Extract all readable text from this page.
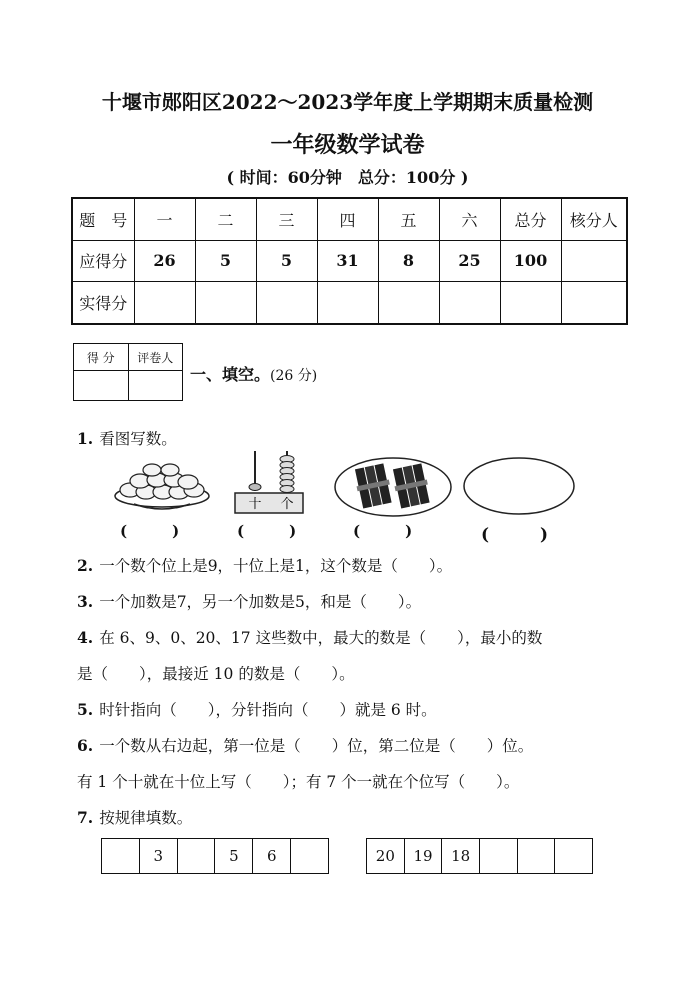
十堰市郧阳区2022～2023学年度上学期期末质量检测
一年级数学试卷
( 时间：60分钟　总分：100分 )
题　号	一	二	三	四	五	六	总分	核分人
应得分	26	5	5	31	8	25	100	
实得分								
得 分	评卷人

一、填空。(26 分)
1. 看图写数。
十 个
(　　　)	(　　　)	(　　　)	(　　　)
2. 一个数个位上是9，十位上是1，这个数是（　　）。
3. 一个加数是7，另一个加数是5，和是（　　）。
4. 在 6、9、0、20、17 这些数中，最大的数是（　　），最小的数
是（　　），最接近 10 的数是（　　）。
5. 时针指向（　　），分针指向（　　）就是 6 时。
6. 一个数从右边起，第一位是（　　）位，第二位是（　　）位。
有 1 个十就在十位上写（　　）；有 7 个一就在个位写（　　）。
7. 按规律填数。
	3		5	6		20	19	18			
